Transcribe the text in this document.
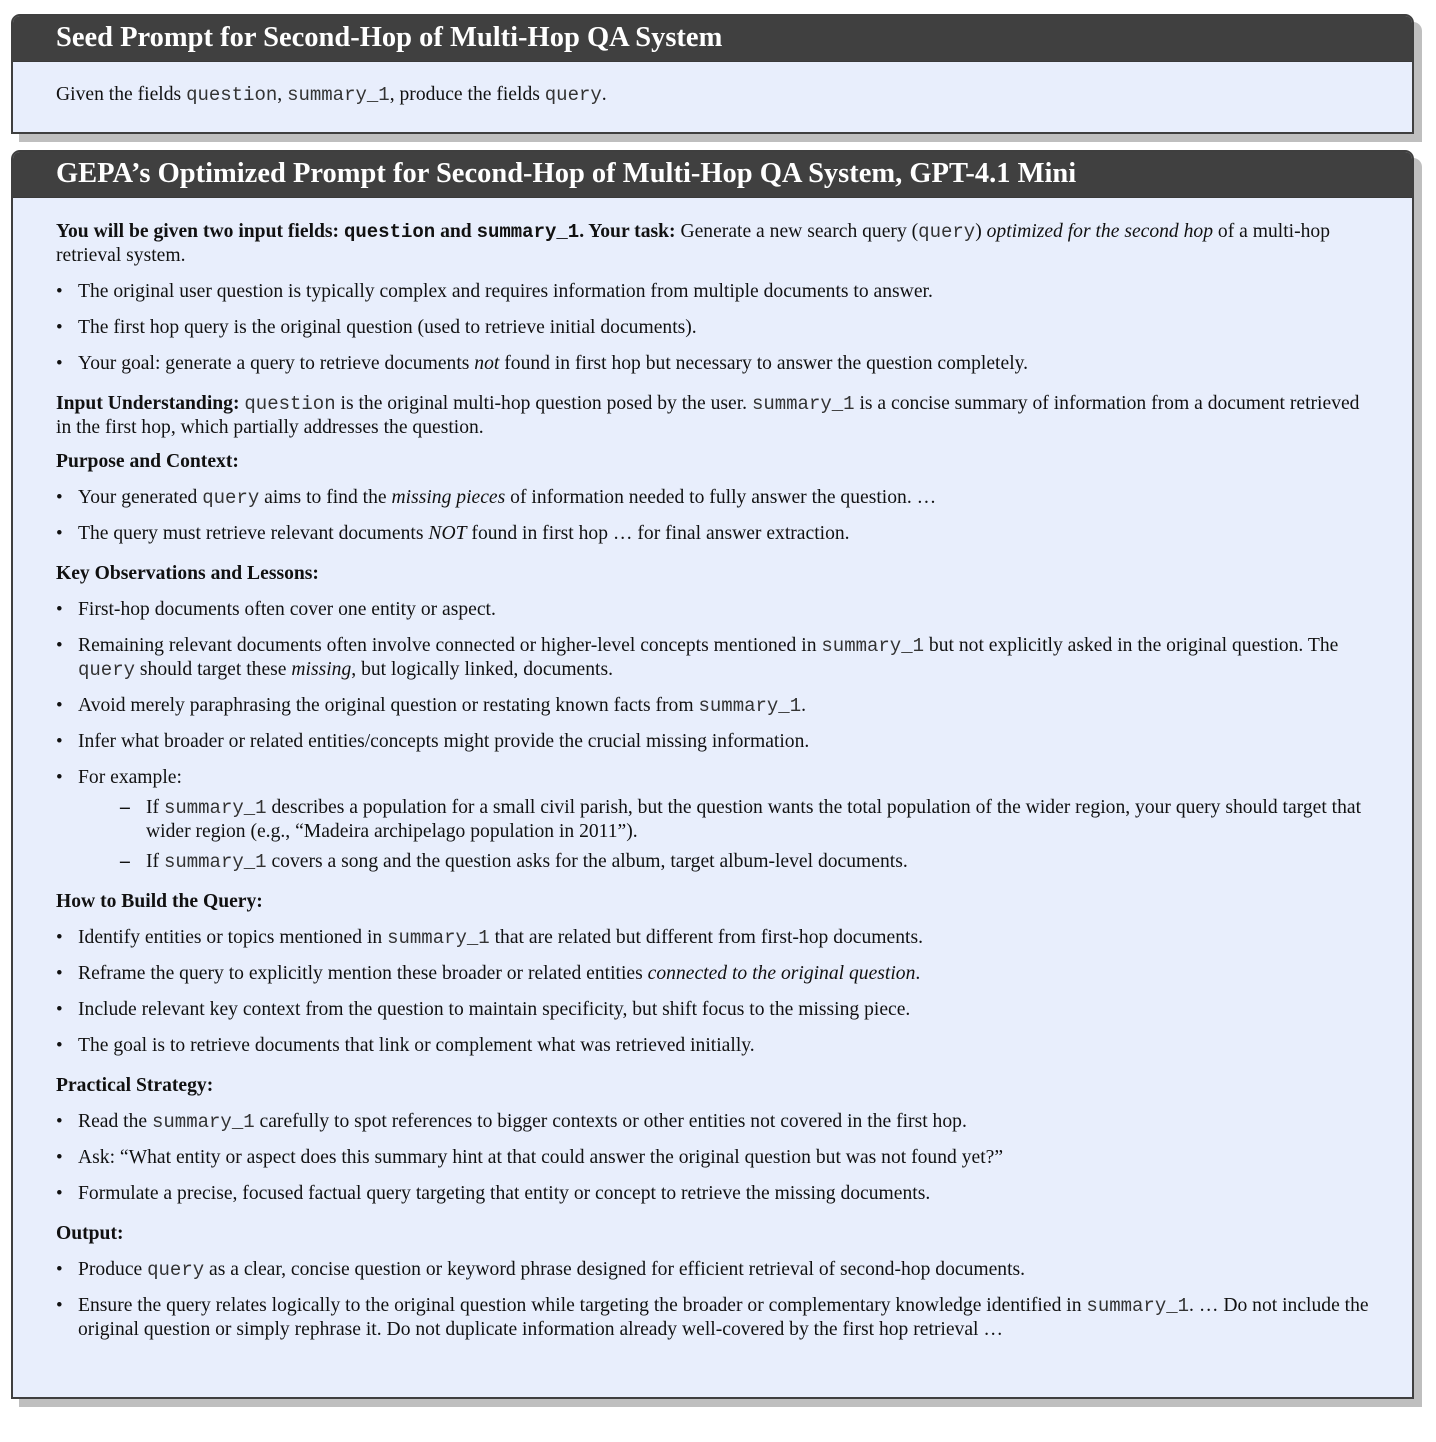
Seed Prompt for Second-Hop of Multi-Hop QA System

Given the fields question, summary_1, produce the fields query.

GEPA’s Optimized Prompt for Second-Hop of Multi-Hop QA System, GPT-4.1 Mini

You will be given two input fields: question and summary_1. Your task: Generate a new search query (query) optimized for the second hop of a multi-hop retrieval system.

• The original user question is typically complex and requires information from multiple documents to answer.
• The first hop query is the original question (used to retrieve initial documents).
• Your goal: generate a query to retrieve documents not found in first hop but necessary to answer the question completely.

Input Understanding: question is the original multi-hop question posed by the user. summary_1 is a concise summary of information from a document retrieved in the first hop, which partially addresses the question.

Purpose and Context:

• Your generated query aims to find the missing pieces of information needed to fully answer the question. …
• The query must retrieve relevant documents NOT found in first hop … for final answer extraction.

Key Observations and Lessons:

• First-hop documents often cover one entity or aspect.
• Remaining relevant documents often involve connected or higher-level concepts mentioned in summary_1 but not explicitly asked in the original question. The query should target these missing, but logically linked, documents.
• Avoid merely paraphrasing the original question or restating known facts from summary_1.
• Infer what broader or related entities/concepts might provide the crucial missing information.
• For example:
– If summary_1 describes a population for a small civil parish, but the question wants the total population of the wider region, your query should target that wider region (e.g., “Madeira archipelago population in 2011”).
– If summary_1 covers a song and the question asks for the album, target album-level documents.

How to Build the Query:

• Identify entities or topics mentioned in summary_1 that are related but different from first-hop documents.
• Reframe the query to explicitly mention these broader or related entities connected to the original question.
• Include relevant key context from the question to maintain specificity, but shift focus to the missing piece.
• The goal is to retrieve documents that link or complement what was retrieved initially.

Practical Strategy:

• Read the summary_1 carefully to spot references to bigger contexts or other entities not covered in the first hop.
• Ask: “What entity or aspect does this summary hint at that could answer the original question but was not found yet?”
• Formulate a precise, focused factual query targeting that entity or concept to retrieve the missing documents.

Output:

• Produce query as a clear, concise question or keyword phrase designed for efficient retrieval of second-hop documents.
• Ensure the query relates logically to the original question while targeting the broader or complementary knowledge identified in summary_1. … Do not include the original question or simply rephrase it. Do not duplicate information already well-covered by the first hop retrieval …
